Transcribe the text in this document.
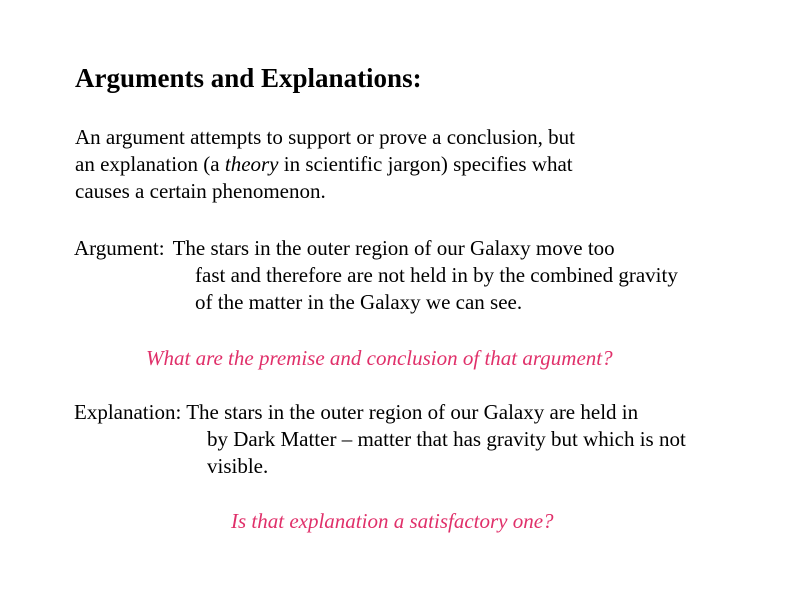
Arguments and Explanations:
An argument attempts to support or prove a conclusion, but
an explanation (a theory in scientific jargon) specifies what
causes a certain phenomenon.
Argument: The stars in the outer region of our Galaxy move too
fast and therefore are not held in by the combined gravity
of the matter in the Galaxy we can see.
What are the premise and conclusion of that argument?
Explanation: The stars in the outer region of our Galaxy are held in
by Dark Matter – matter that has gravity but which is not
visible.
Is that explanation a satisfactory one?
